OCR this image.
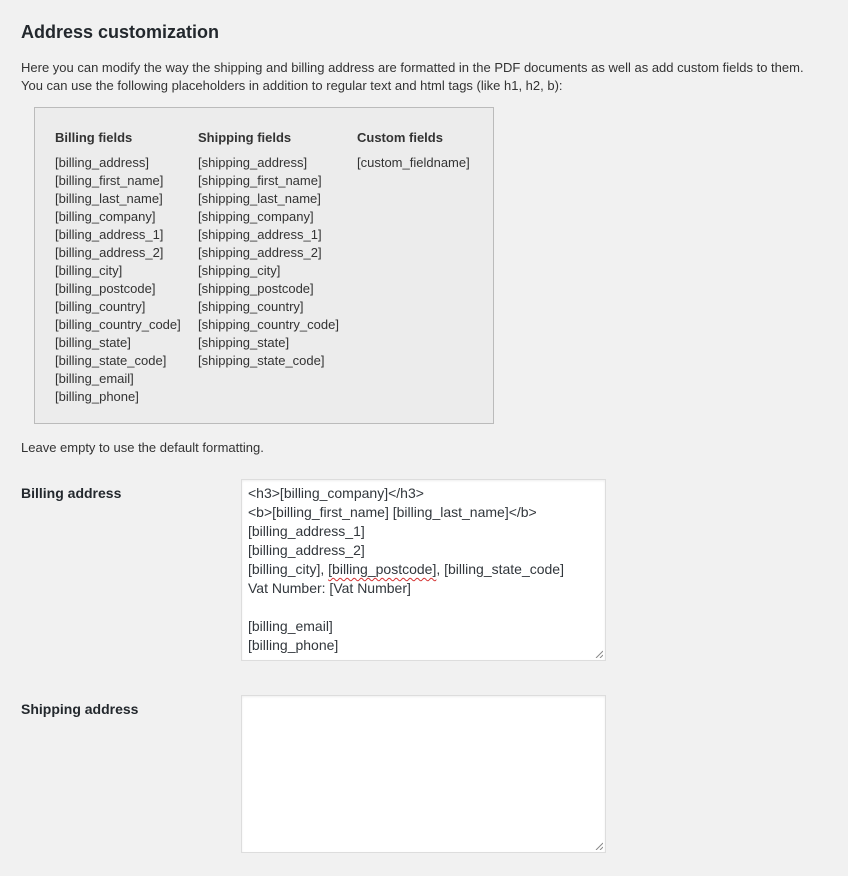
Address customization

Here you can modify the way the shipping and billing address are formatted in the PDF documents as well as add custom fields to them.

You can use the following placeholders in addition to regular text and html tags (like h1, h2, b):

Billing fields
[billing_address]
[billing_first_name]
[billing_last_name]
[billing_company]
[billing_address_1]
[billing_address_2]
[billing_city]
[billing_postcode]
[billing_country]
[billing_country_code]
[billing_state]
[billing_state_code]
[billing_email]
[billing_phone]
Shipping fields
[shipping_address]
[shipping_first_name]
[shipping_last_name]
[shipping_company]
[shipping_address_1]
[shipping_address_2]
[shipping_city]
[shipping_postcode]
[shipping_country]
[shipping_country_code]
[shipping_state]
[shipping_state_code]
Custom fields
[custom_fieldname]
Leave empty to use the default formatting.
Billing address	<h3>[billing_company]</h3>
<b>[billing_first_name] [billing_last_name]</b>
[billing_address_1]
[billing_address_2]
[billing_city], [billing_postcode], [billing_state_code]
Vat Number: [Vat Number]
[billing_email]
[billing_phone]
Shipping address
